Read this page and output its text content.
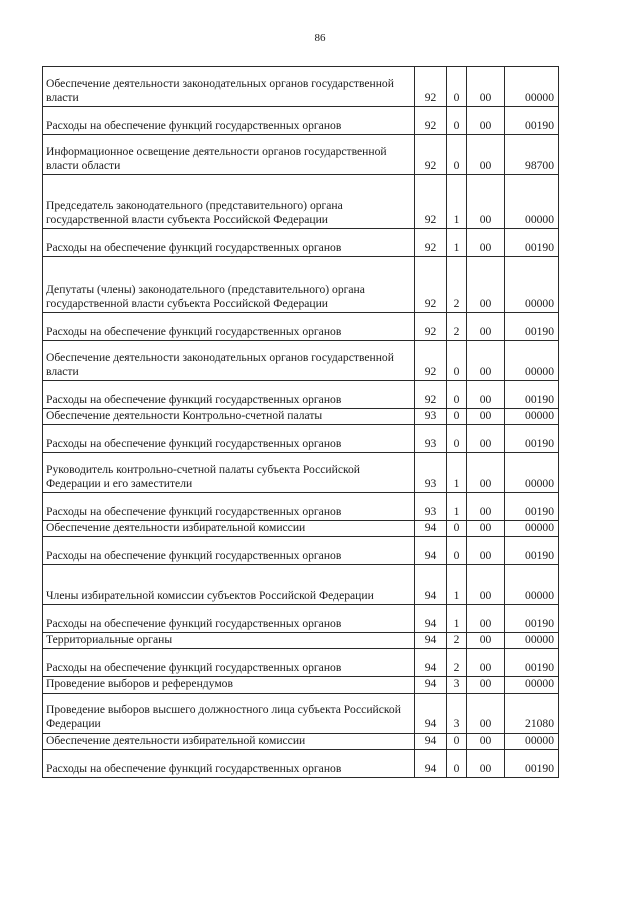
86
Обеспечение деятельности законодательных органов государственной власти	92	0	00	00000
Расходы на обеспечение функций государственных органов	92	0	00	00190
Информационное освещение деятельности органов государственной власти области	92	0	00	98700
Председатель законодательного (представительного) органа государственной власти субъекта Российской Федерации	92	1	00	00000
Расходы на обеспечение функций государственных органов	92	1	00	00190
Депутаты (члены) законодательного (представительного) органа государственной власти субъекта Российской Федерации	92	2	00	00000
Расходы на обеспечение функций государственных органов	92	2	00	00190
Обеспечение деятельности законодательных органов государственной власти	92	0	00	00000
Расходы на обеспечение функций государственных органов	92	0	00	00190
Обеспечение деятельности Контрольно-счетной палаты	93	0	00	00000
Расходы на обеспечение функций государственных органов	93	0	00	00190
Руководитель контрольно-счетной палаты субъекта Российской Федерации и его заместители	93	1	00	00000
Расходы на обеспечение функций государственных органов	93	1	00	00190
Обеспечение деятельности избирательной комиссии	94	0	00	00000
Расходы на обеспечение функций государственных органов	94	0	00	00190
Члены избирательной комиссии субъектов Российской Федерации	94	1	00	00000
Расходы на обеспечение функций государственных органов	94	1	00	00190
Территориальные органы	94	2	00	00000
Расходы на обеспечение функций государственных органов	94	2	00	00190
Проведение выборов и референдумов	94	3	00	00000
Проведение выборов высшего должностного лица субъекта Российской Федерации	94	3	00	21080
Обеспечение деятельности избирательной комиссии	94	0	00	00000
Расходы на обеспечение функций государственных органов	94	0	00	00190
